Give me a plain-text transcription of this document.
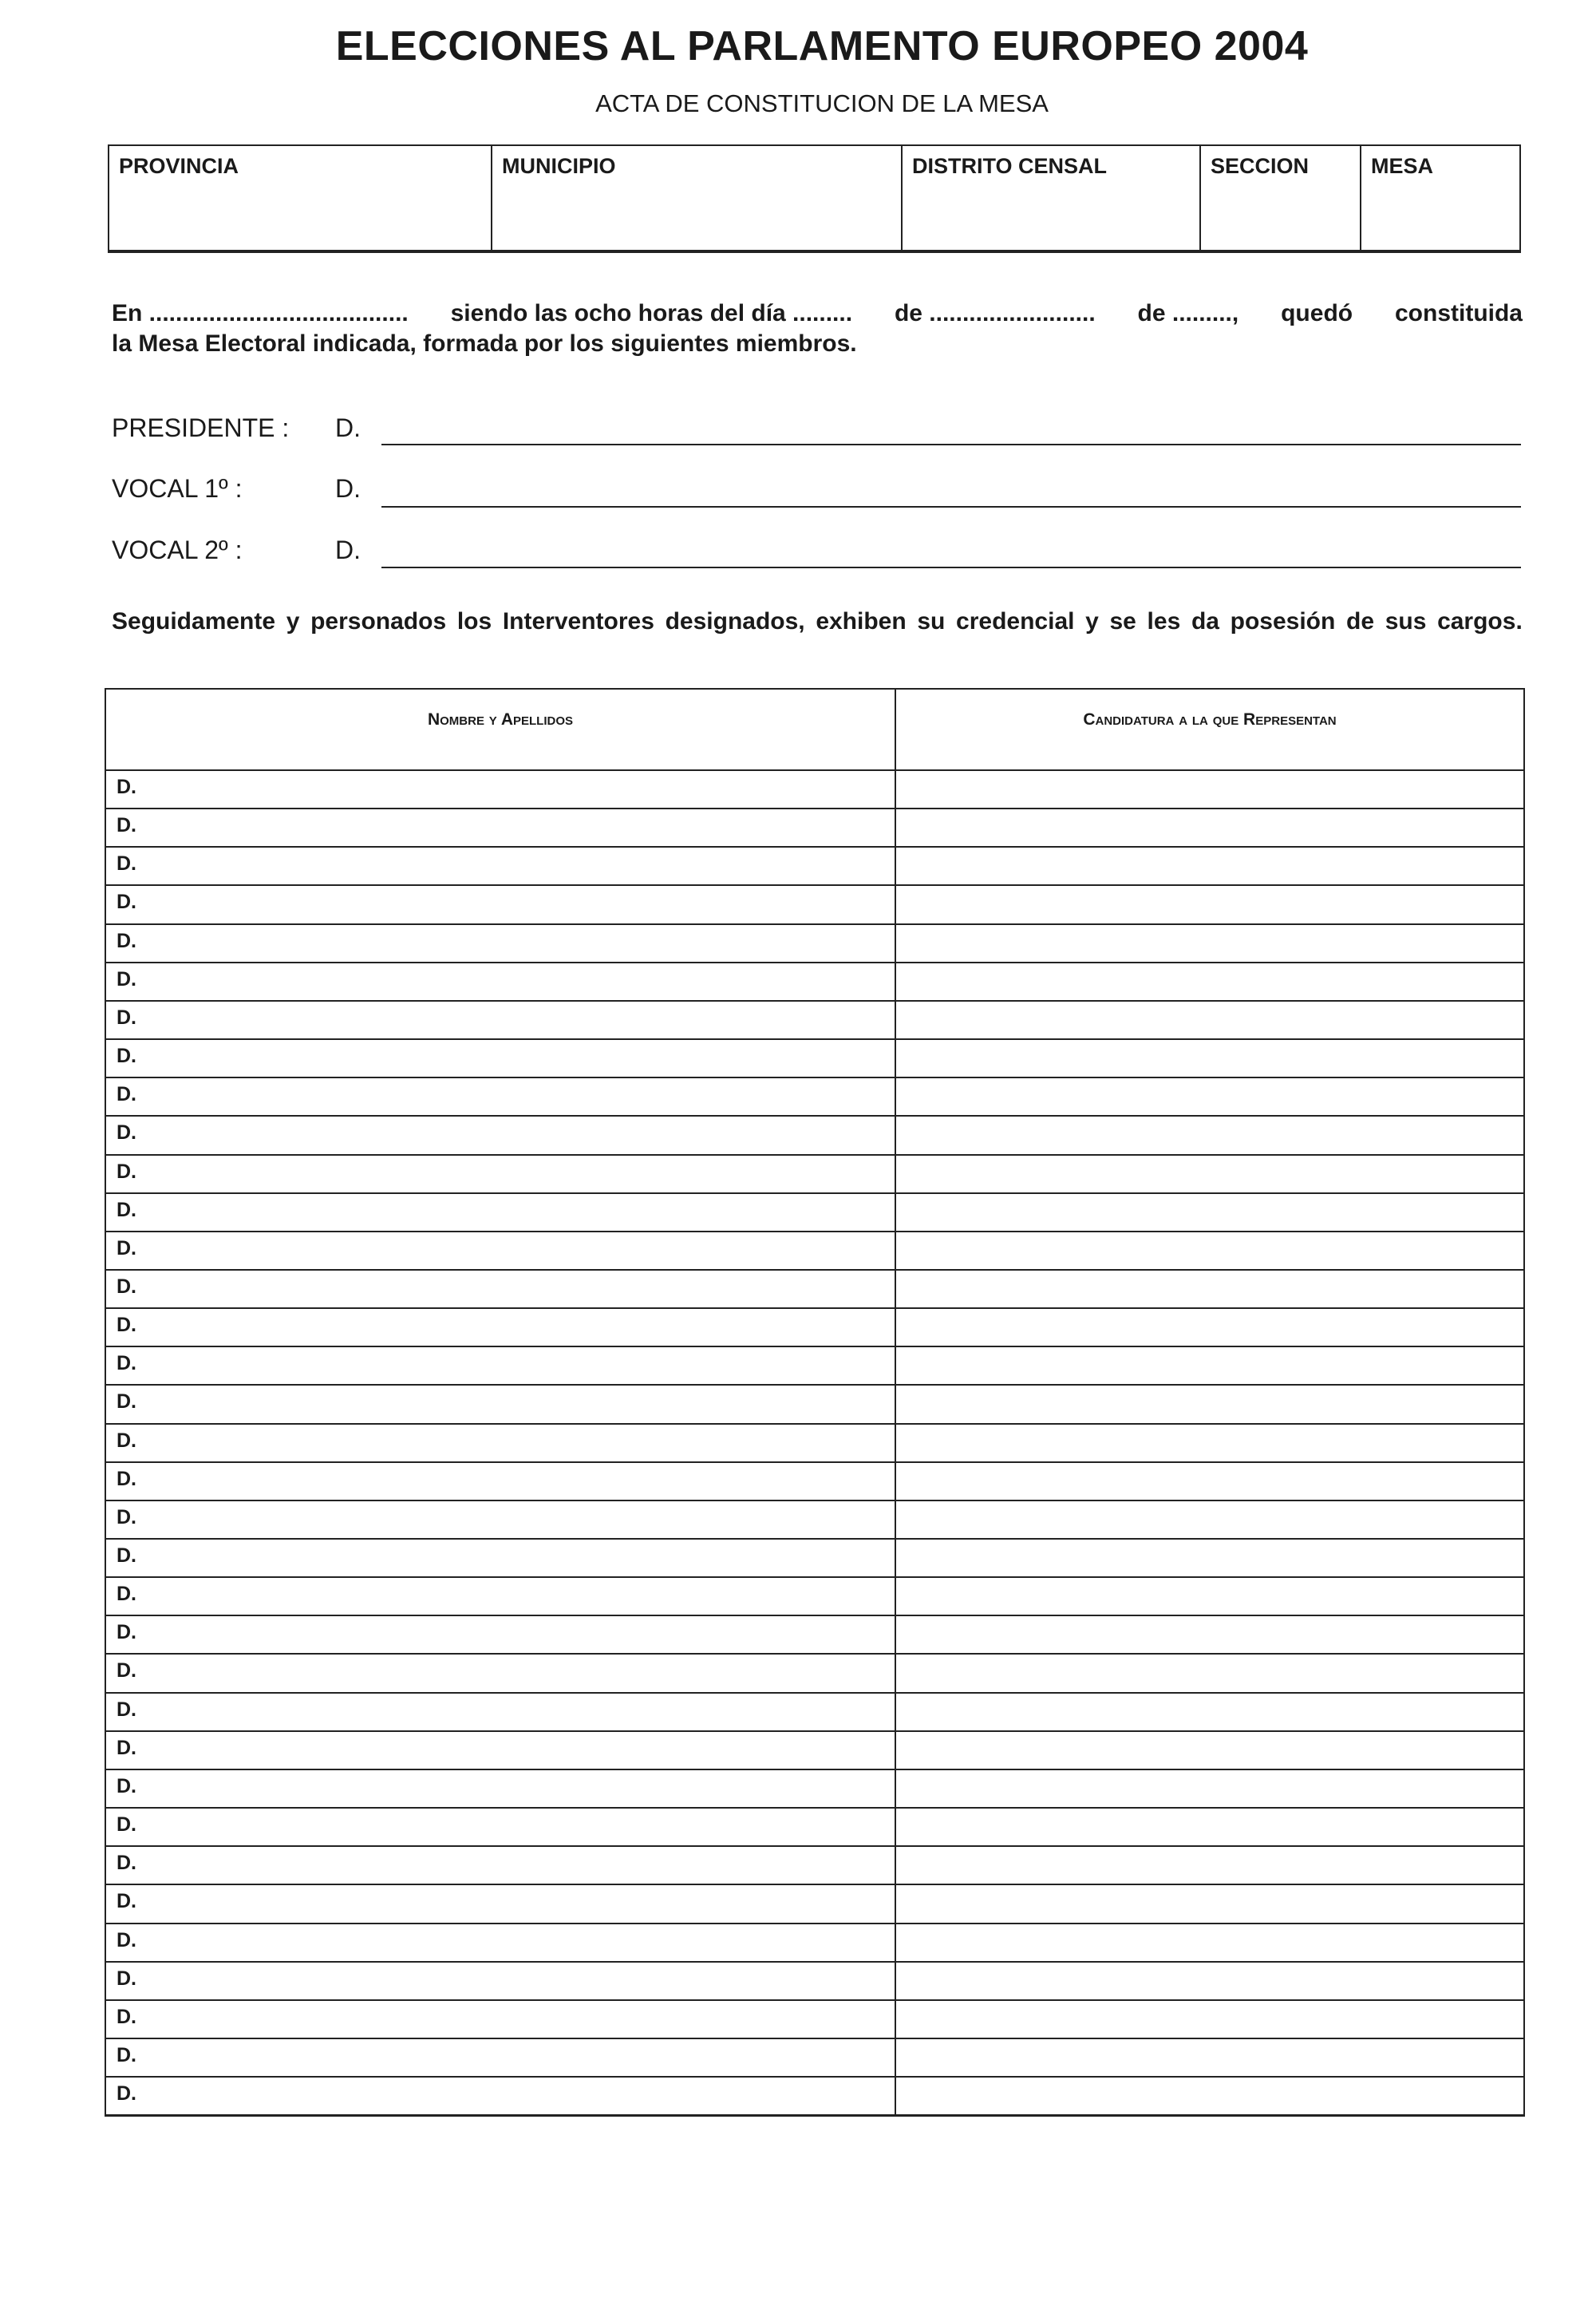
ELECCIONES AL PARLAMENTO EUROPEO 2004
ACTA DE CONSTITUCION DE LA MESA
PROVINCIA	MUNICIPIO	DISTRITO CENSAL	SECCION	MESA
En ....................................... siendo las ocho horas del día ......... de ......................... de ........., quedó constituida
la Mesa Electoral indicada, formada por los siguientes miembros.
PRESIDENTE : D.
VOCAL 1º :	D.
VOCAL 2º :	D.
Seguidamente y personados los Interventores designados, exhiben su credencial y se les da posesión de sus cargos.
Nombre y Apellidos	Candidatura a la que Representan
D.
D.
D.
D.
D.
D.
D.
D.
D.
D.
D.
D.
D.
D.
D.
D.
D.
D.
D.
D.
D.
D.
D.
D.
D.
D.
D.
D.
D.
D.
D.
D.
D.
D.
D.
